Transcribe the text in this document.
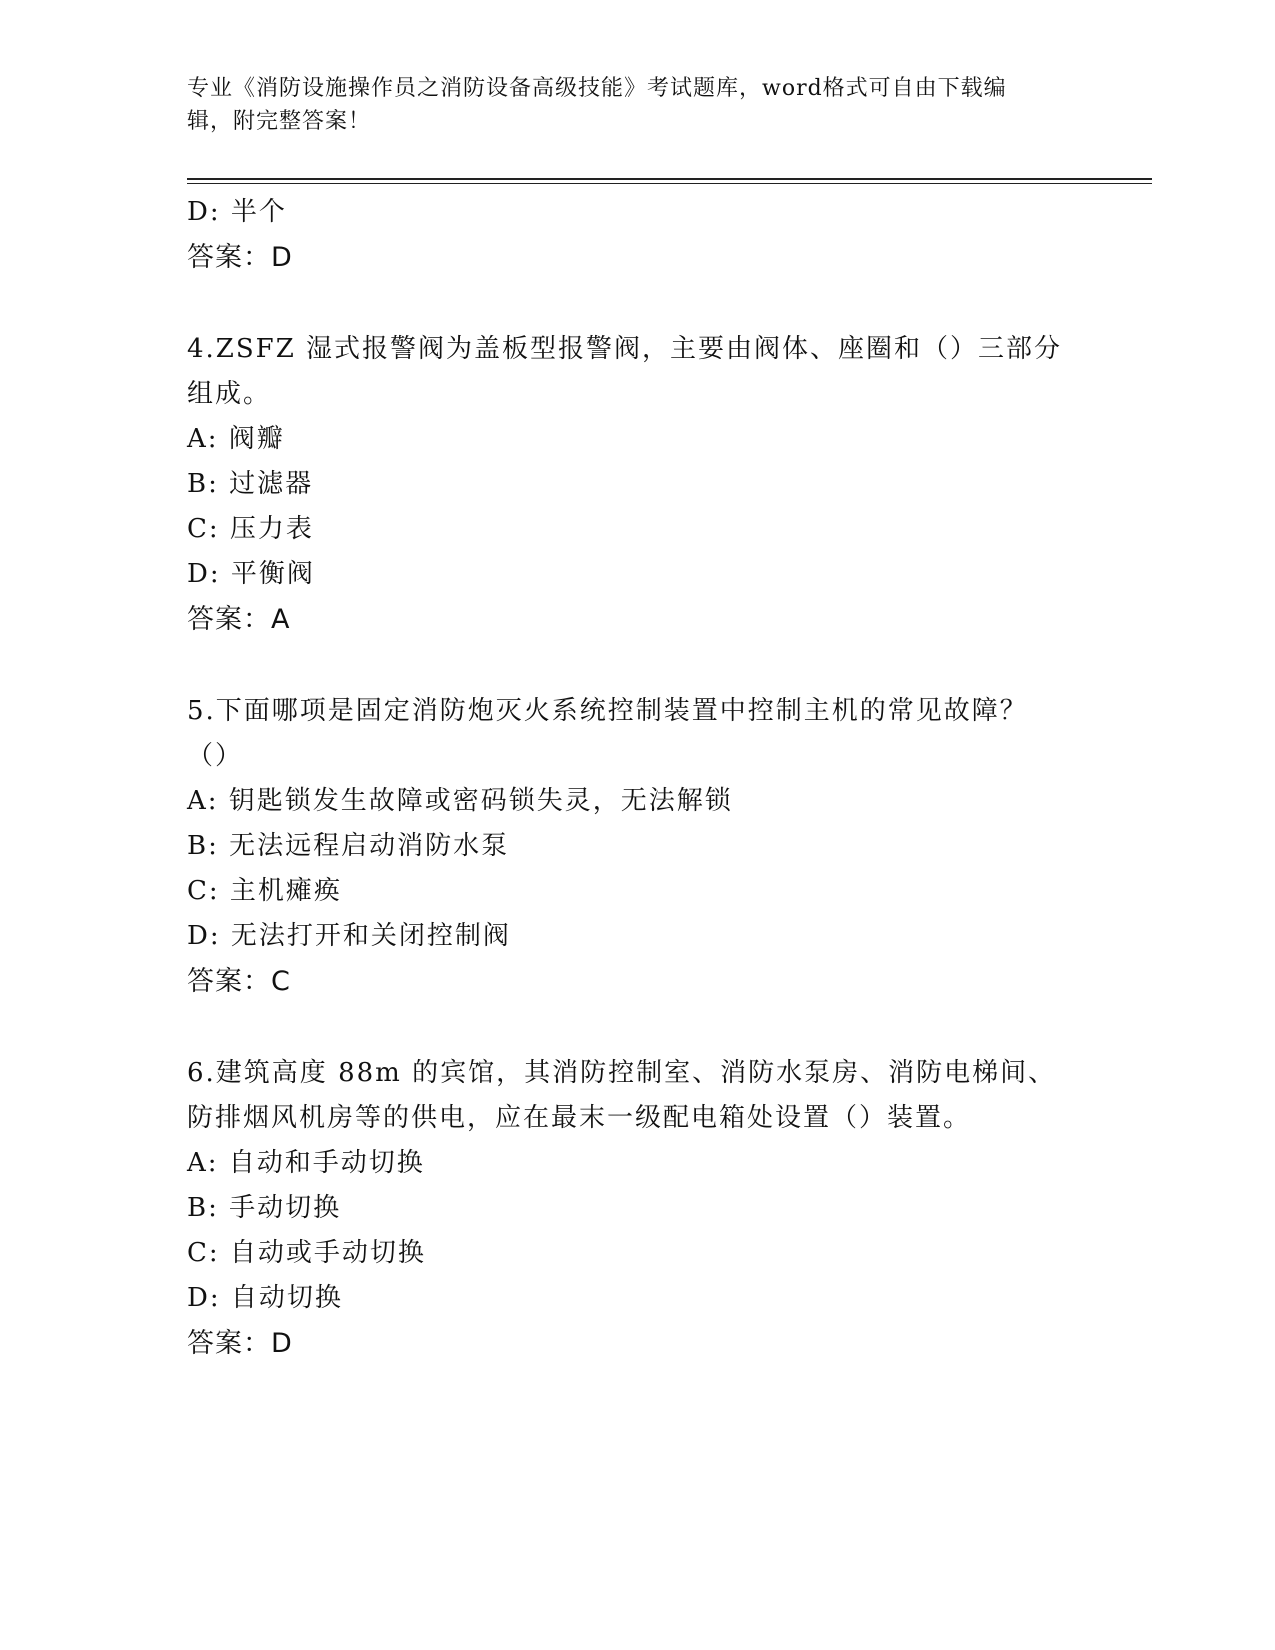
专业《消防设施操作员之消防设备高级技能》考试题库，word格式可自由下载编
辑，附完整答案！
D: 半个
答案：D
4.ZSFZ 湿式报警阀为盖板型报警阀，主要由阀体、座圈和（）三部分
组成。
A: 阀瓣
B: 过滤器
C: 压力表
D: 平衡阀
答案：A
5.下面哪项是固定消防炮灭火系统控制装置中控制主机的常见故障？
（）
A: 钥匙锁发生故障或密码锁失灵，无法解锁
B: 无法远程启动消防水泵
C: 主机瘫痪
D: 无法打开和关闭控制阀
答案：C
6.建筑高度 88m 的宾馆，其消防控制室、消防水泵房、消防电梯间、
防排烟风机房等的供电，应在最末一级配电箱处设置（）装置。
A: 自动和手动切换
B: 手动切换
C: 自动或手动切换
D: 自动切换
答案：D
